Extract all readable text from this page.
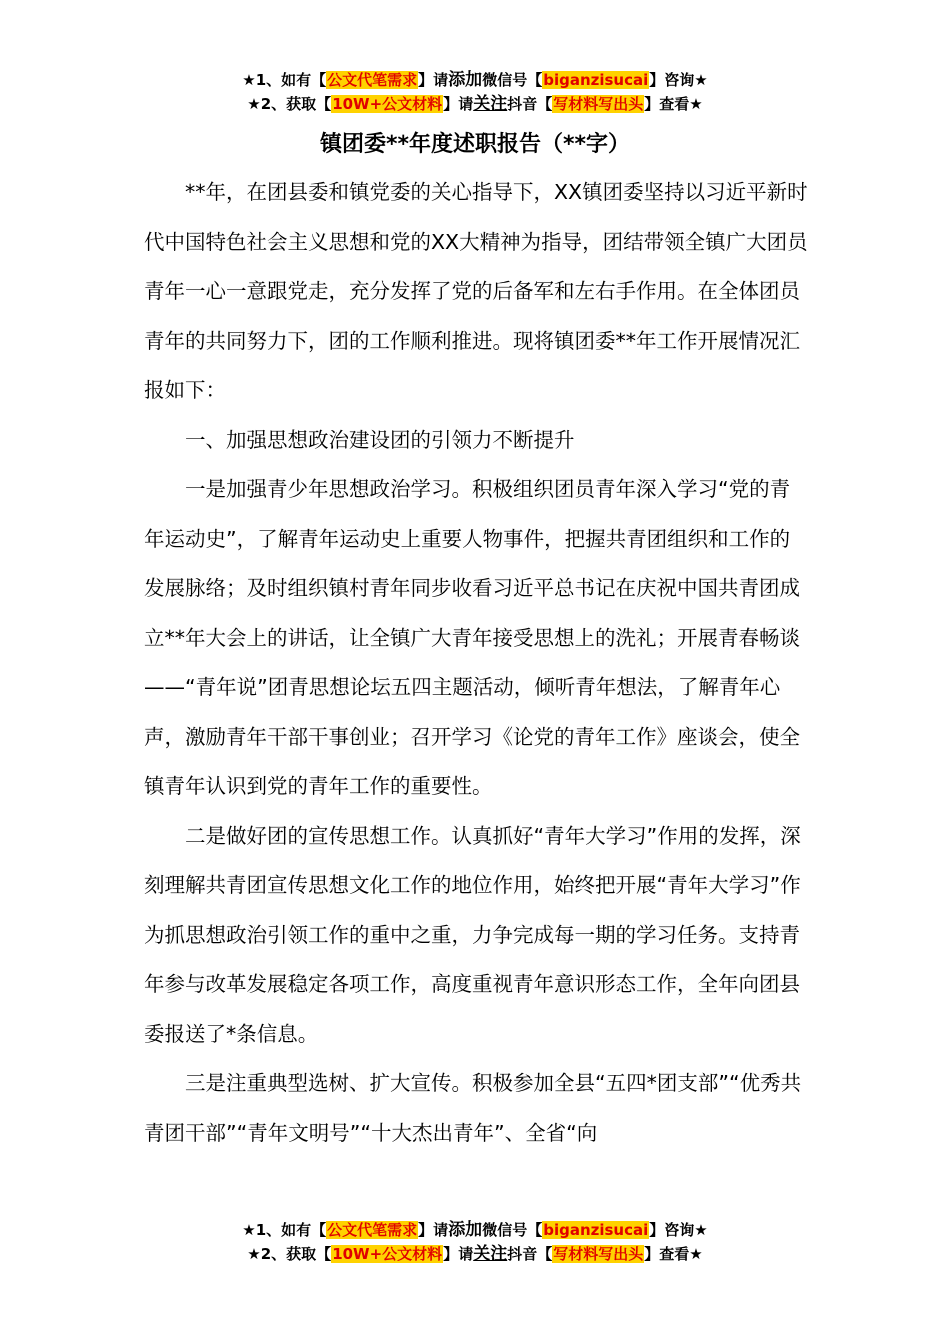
★1、如有【公文代笔需求】请添加微信号【biganzisucai】咨询★
★2、获取【10W+公文材料】请关注抖音【写材料写出头】查看★
镇团委**年度述职报告（**字）

**年，在团县委和镇党委的关心指导下，XX镇团委坚持以习近平新时代中国特色社会主义思想和党的XX大精神为指导，团结带领全镇广大团员青年一心一意跟党走，充分发挥了党的后备军和左右手作用。在全体团员青年的共同努力下，团的工作顺利推进。现将镇团委**年工作开展情况汇报如下：

一、加强思想政治建设团的引领力不断提升

一是加强青少年思想政治学习。积极组织团员青年深入学习“党的青年运动史”，了解青年运动史上重要人物事件，把握共青团组织和工作的发展脉络；及时组织镇村青年同步收看习近平总书记在庆祝中国共青团成立**年大会上的讲话，让全镇广大青年接受思想上的洗礼；开展青春畅谈——“青年说”团青思想论坛五四主题活动，倾听青年想法，了解青年心声，激励青年干部干事创业；召开学习《论党的青年工作》座谈会，使全镇青年认识到党的青年工作的重要性。

二是做好团的宣传思想工作。认真抓好“青年大学习”作用的发挥，深刻理解共青团宣传思想文化工作的地位作用，始终把开展“青年大学习”作为抓思想政治引领工作的重中之重，力争完成每一期的学习任务。支持青年参与改革发展稳定各项工作，高度重视青年意识形态工作，全年向团县委报送了*条信息。

三是注重典型选树、扩大宣传。积极参加全县“五四*团支部”“优秀共青团干部”“青年文明号”“十大杰出青年”、全省“向

★1、如有【公文代笔需求】请添加微信号【biganzisucai】咨询★
★2、获取【10W+公文材料】请关注抖音【写材料写出头】查看★
